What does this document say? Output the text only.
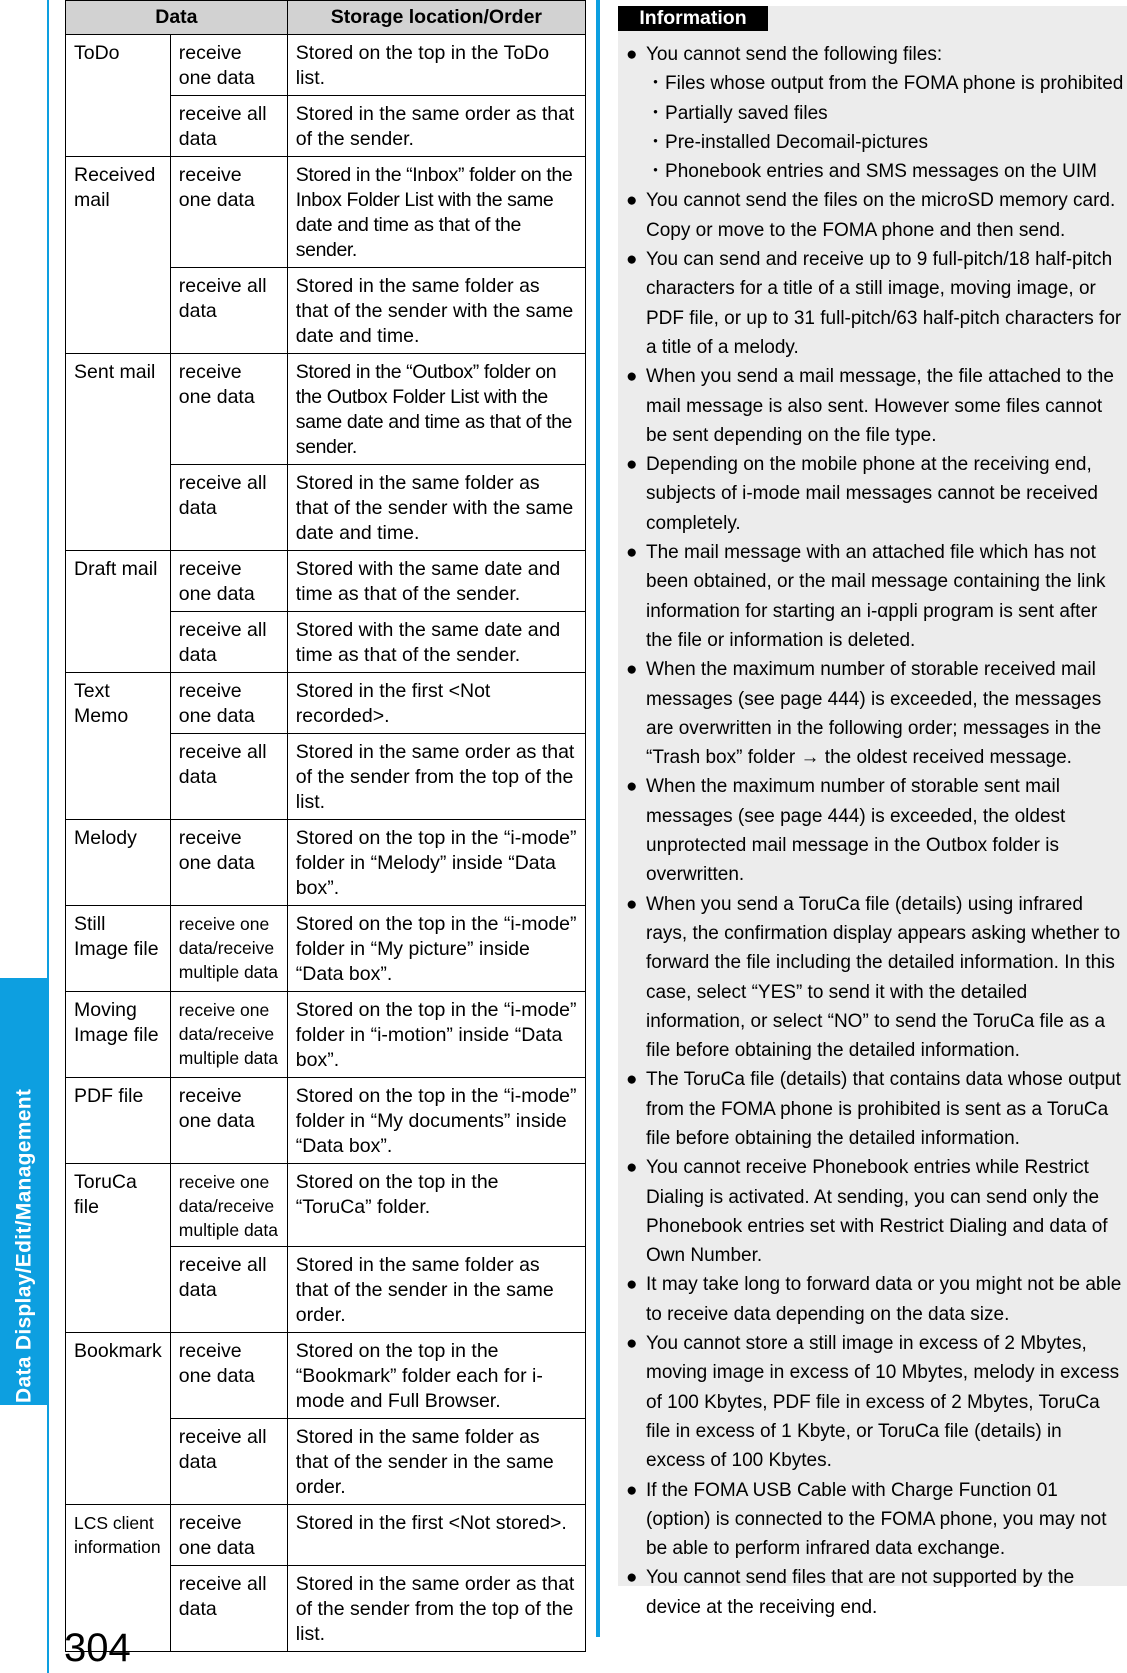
Data Display/Edit/Management
Data		Storage location/Order
ToDo	receive one data	Stored on the top in the ToDo list.
	receive all data	Stored in the same order as that of the sender.
Received mail	receive one data	Stored in the “Inbox” folder on the Inbox Folder List with the same date and time as that of the sender.
	receive all data	Stored in the same folder as that of the sender with the same date and time.
Sent mail	receive one data	Stored in the “Outbox” folder on the Outbox Folder List with the same date and time as that of the sender.
	receive all data	Stored in the same folder as that of the sender with the same date and time.
Draft mail	receive one data	Stored with the same date and time as that of the sender.
	receive all data	Stored with the same date and time as that of the sender.
Text Memo	receive one data	Stored in the first <Not recorded>.
	receive all data	Stored in the same order as that of the sender from the top of the list.
Melody	receive one data	Stored on the top in the “i-mode” folder in “Melody” inside “Data box”.
Still Image file	receive one data/receive multiple data	Stored on the top in the “i-mode” folder in “My picture” inside “Data box”.
Moving Image file	receive one data/receive multiple data	Stored on the top in the “i-mode” folder in “i-motion” inside “Data box”.
PDF file	receive one data	Stored on the top in the “i-mode” folder in “My documents” inside “Data box”.
ToruCa file	receive one data/receive multiple data	Stored on the top in the “ToruCa” folder.
	receive all data	Stored in the same folder as that of the sender in the same order.
Bookmark	receive one data	Stored on the top in the “Bookmark” folder each for i-mode and Full Browser.
	receive all data	Stored in the same folder as that of the sender in the same order.
LCS client information	receive one data	Stored in the first <Not stored>.
	receive all data	Stored in the same order as that of the sender from the top of the list.
Information
● You cannot send the following files:
・Files whose output from the FOMA phone is prohibited
・Partially saved files
・Pre-installed Decomail-pictures
・Phonebook entries and SMS messages on the UIM
● You cannot send the files on the microSD memory card. Copy or move to the FOMA phone and then send.
● You can send and receive up to 9 full-pitch/18 half-pitch characters for a title of a still image, moving image, or PDF file, or up to 31 full-pitch/63 half-pitch characters for a title of a melody.
● When you send a mail message, the file attached to the mail message is also sent. However some files cannot be sent depending on the file type.
● Depending on the mobile phone at the receiving end, subjects of i-mode mail messages cannot be received completely.
● The mail message with an attached file which has not been obtained, or the mail message containing the link information for starting an i-αppli program is sent after the file or information is deleted.
● When the maximum number of storable received mail messages (see page 444) is exceeded, the messages are overwritten in the following order; messages in the “Trash box” folder → the oldest received message.
● When the maximum number of storable sent mail messages (see page 444) is exceeded, the oldest unprotected mail message in the Outbox folder is overwritten.
● When you send a ToruCa file (details) using infrared rays, the confirmation display appears asking whether to forward the file including the detailed information. In this case, select “YES” to send it with the detailed information, or select “NO” to send the ToruCa file as a file before obtaining the detailed information.
● The ToruCa file (details) that contains data whose output from the FOMA phone is prohibited is sent as a ToruCa file before obtaining the detailed information.
● You cannot receive Phonebook entries while Restrict Dialing is activated. At sending, you can send only the Phonebook entries set with Restrict Dialing and data of Own Number.
● It may take long to forward data or you might not be able to receive data depending on the data size.
● You cannot store a still image in excess of 2 Mbytes, moving image in excess of 10 Mbytes, melody in excess of 100 Kbytes, PDF file in excess of 2 Mbytes, ToruCa file in excess of 1 Kbyte, or ToruCa file (details) in excess of 100 Kbytes.
● If the FOMA USB Cable with Charge Function 01 (option) is connected to the FOMA phone, you may not be able to perform infrared data exchange.
● You cannot send files that are not supported by the device at the receiving end.
304
